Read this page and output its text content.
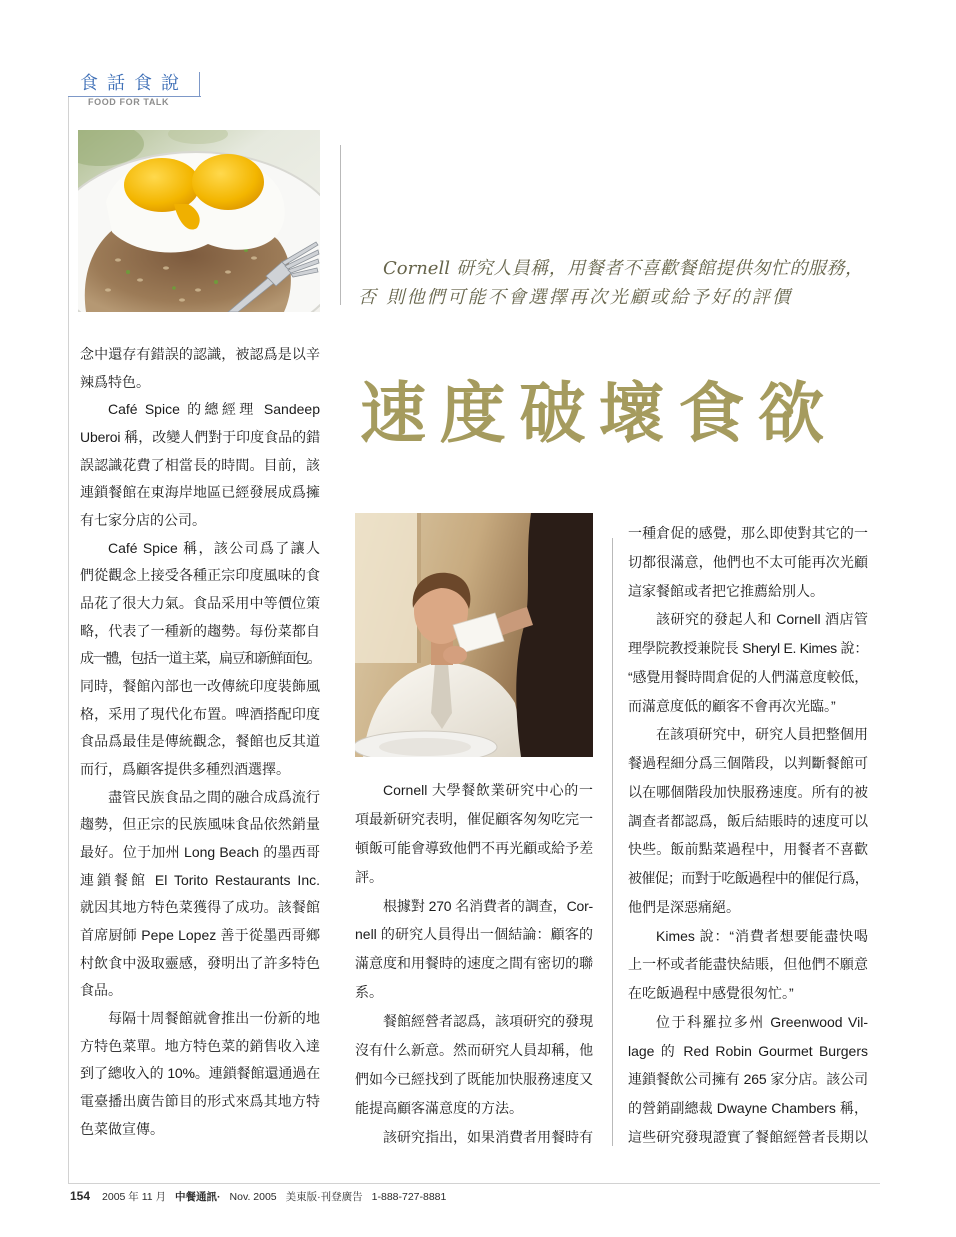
食話食說
FOOD FOR TALK
Cornell 研究人員稱，用餐者不喜歡餐館提供匆忙的服務，
否 則他們可能不會選擇再次光顧或給予好的評價
速度破壞食欲
念中還存有錯誤的認識，被認爲是以辛
辣爲特色。
Café Spice 的總經理 Sandeep
Uberoi 稱，改變人們對于印度食品的錯
誤認識花費了相當長的時間。目前，該
連鎖餐館在東海岸地區已經發展成爲擁
有七家分店的公司。
Café Spice 稱，該公司爲了讓人
們從觀念上接受各種正宗印度風味的食
品花了很大力氣。食品采用中等價位策
略，代表了一種新的趨勢。每份菜都自
成一體，包括一道主菜，扁豆和新鮮面包。
同時，餐館內部也一改傳統印度裝飾風
格，采用了現代化布置。啤酒搭配印度
食品爲最佳是傳統觀念，餐館也反其道
而行，爲顧客提供多種烈酒選擇。
盡管民族食品之間的融合成爲流行
趨勢，但正宗的民族風味食品依然銷量
最好。位于加州 Long Beach 的墨西哥
連鎖餐館 El Torito Restaurants Inc.
就因其地方特色菜獲得了成功。該餐館
首席厨師 Pepe Lopez 善于從墨西哥鄉
村飲食中汲取靈感，發明出了許多特色
食品。
每隔十周餐館就會推出一份新的地
方特色菜單。地方特色菜的銷售收入達
到了總收入的 10%。連鎖餐館還通過在
電臺播出廣告節目的形式來爲其地方特
色菜做宣傳。
Cornell 大學餐飲業研究中心的一
項最新研究表明，催促顧客匆匆吃完一
頓飯可能會導致他們不再光顧或給予差
評。
根據對 270 名消費者的調查，Cor-
nell 的研究人員得出一個結論：顧客的
滿意度和用餐時的速度之間有密切的聯
系。
餐館經營者認爲，該項研究的發現
沒有什么新意。然而研究人員却稱，他
們如今已經找到了既能加快服務速度又
能提高顧客滿意度的方法。
該研究指出，如果消費者用餐時有
一種倉促的感覺，那么即使對其它的一
切都很滿意，他們也不太可能再次光顧
這家餐館或者把它推薦給別人。
該研究的發起人和 Cornell 酒店管
理學院教授兼院長 Sheryl E. Kimes 說：
“感覺用餐時間倉促的人們滿意度較低，
而滿意度低的顧客不會再次光臨。”
在該項研究中，研究人員把整個用
餐過程細分爲三個階段，以判斷餐館可
以在哪個階段加快服務速度。所有的被
調查者都認爲，飯后結賬時的速度可以
快些。飯前點菜過程中，用餐者不喜歡
被催促；而對于吃飯過程中的催促行爲，
他們是深惡痛絕。
Kimes 說：“消費者想要能盡快喝
上一杯或者能盡快結賬，但他們不願意
在吃飯過程中感覺很匆忙。”
位于科羅拉多州 Greenwood Vil-
lage 的 Red Robin Gourmet Burgers
連鎖餐飲公司擁有 265 家分店。該公司
的營銷副總裁 Dwayne Chambers 稱，
這些研究發現證實了餐館經營者長期以
154 2005 年 11 月 中餐通訊· Nov. 2005 美東版·刊登廣告 1-888-727-8881
